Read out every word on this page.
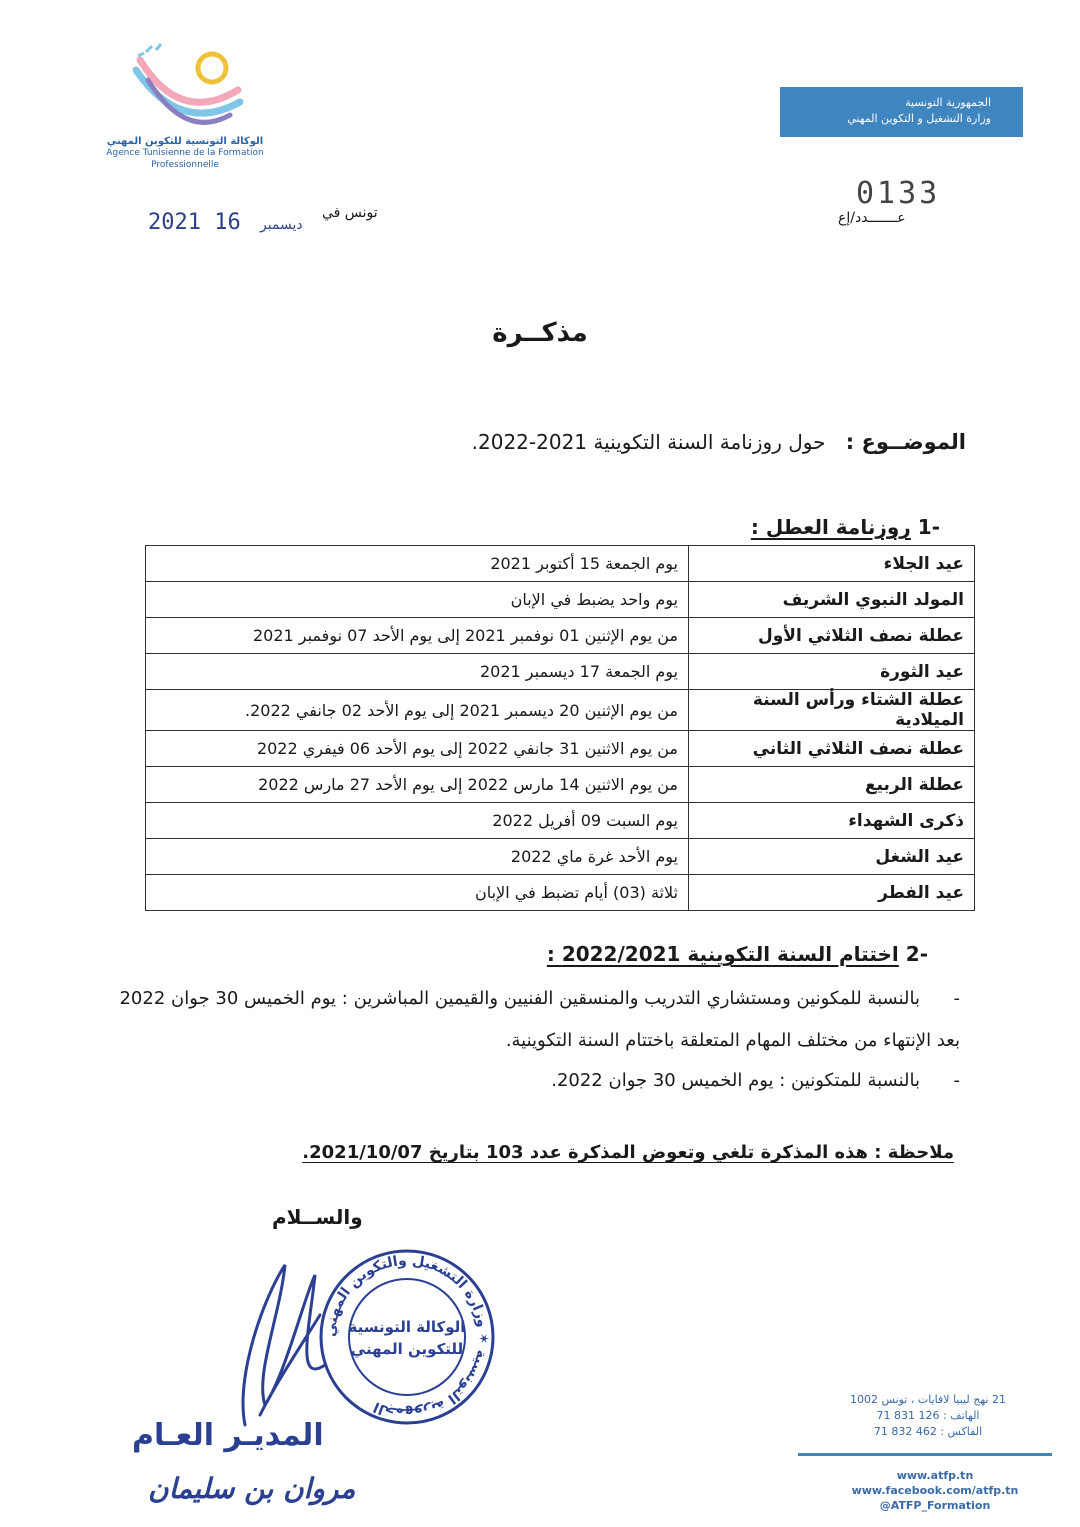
الوكالة التونسية للتكوين المهني
Agence Tunisienne de la Formation
Professionnelle
الجمهورية التونسية
وزارة التشغيل و التكوين المهني
تونس في
2021	ديسمبر 16
0133
عـــــــدد/إع
مذكــرة
الموضــوع : حول روزنامة السنة التكوينية 2021-2022.
-1 روزنامة العطل :
عيد الجلاء	يوم الجمعة 15 أكتوبر 2021
المولد النبوي الشريف	يوم واحد يضبط في الإبان
عطلة نصف الثلاثي الأول	من يوم الإثنين 01 نوفمبر 2021 إلى يوم الأحد 07 نوفمبر 2021
عيد الثورة	يوم الجمعة 17 ديسمبر 2021
عطلة الشتاء ورأس السنة الميلادية	من يوم الإثنين 20 ديسمبر 2021 إلى يوم الأحد 02 جانفي 2022.
عطلة نصف الثلاثي الثاني	من يوم الاثنين 31 جانفي 2022 إلى يوم الأحد 06 فيفري 2022
عطلة الربيع	من يوم الاثنين 14 مارس 2022 إلى يوم الأحد 27 مارس 2022
ذكرى الشهداء	يوم السبت 09 أفريل 2022
عيد الشغل	يوم الأحد غرة ماي 2022
عيد الفطر	ثلاثة (03) أيام تضبط في الإبان
-2 اختتام السنة التكوينية 2022/2021 :
-بالنسبة للمكونين ومستشاري التدريب والمنسقين الفنيين والقيمين المباشرين : يوم الخميس 30 جوان 2022 بعد الإنتهاء من مختلف المهام المتعلقة باختتام السنة التكوينية.
-بالنسبة للمتكونين : يوم الخميس 30 جوان 2022.
ملاحظة : هذه المذكرة تلغي وتعوض المذكرة عدد 103 بتاريخ 2021/10/07.
والســلام
الجمهورية التونسية ✶ وزارة التشغيل والتكوين المهني
الوكالة التونسية
للتكوين المهني
المديـر العـام
مروان بن سليمان
21 نهج ليبيا لافايات ، تونس 1002
الهاتف : 126 831 71
الفاكس : 462 832 71
www.atfp.tn
www.facebook.com/atfp.tn
@ATFP_Formation
